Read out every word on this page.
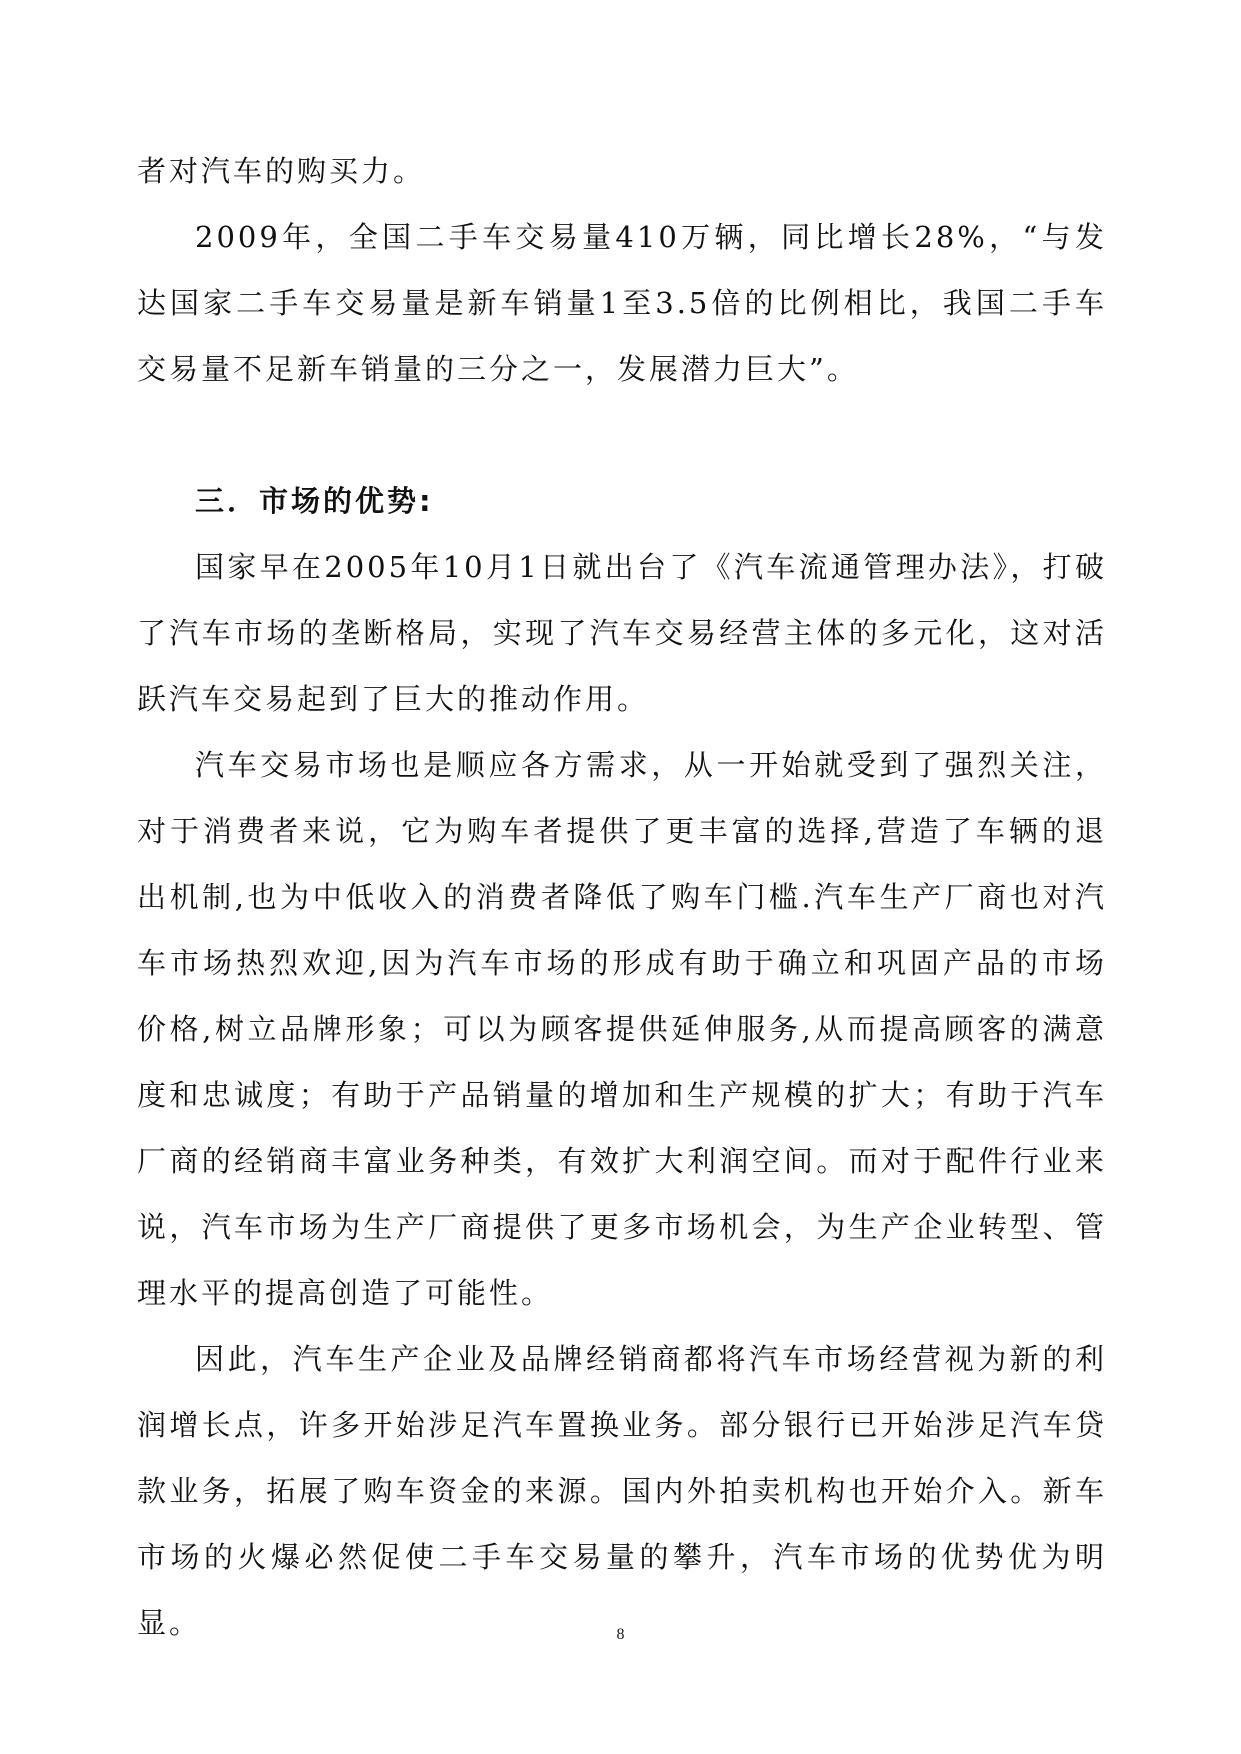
者对汽车的购买力。

2009年，全国二手车交易量410万辆，同比增长28%，“与发达国家二手车交易量是新车销量1至3.5倍的比例相比，我国二手车交易量不足新车销量的三分之一，发展潜力巨大”。

三．市场的优势:

国家早在2005年10月1日就出台了《汽车流通管理办法》，打破了汽车市场的垄断格局，实现了汽车交易经营主体的多元化，这对活跃汽车交易起到了巨大的推动作用。

汽车交易市场也是顺应各方需求，从一开始就受到了强烈关注，对于消费者来说，它为购车者提供了更丰富的选择,营造了车辆的退出机制,也为中低收入的消费者降低了购车门槛.汽车生产厂商也对汽车市场热烈欢迎,因为汽车市场的形成有助于确立和巩固产品的市场价格,树立品牌形象；可以为顾客提供延伸服务,从而提高顾客的满意度和忠诚度；有助于产品销量的增加和生产规模的扩大；有助于汽车厂商的经销商丰富业务种类，有效扩大利润空间。而对于配件行业来说，汽车市场为生产厂商提供了更多市场机会，为生产企业转型、管理水平的提高创造了可能性。

因此，汽车生产企业及品牌经销商都将汽车市场经营视为新的利润增长点，许多开始涉足汽车置换业务。部分银行已开始涉足汽车贷款业务，拓展了购车资金的来源。国内外拍卖机构也开始介入。新车市场的火爆必然促使二手车交易量的攀升，汽车市场的优势优为明显。	8
